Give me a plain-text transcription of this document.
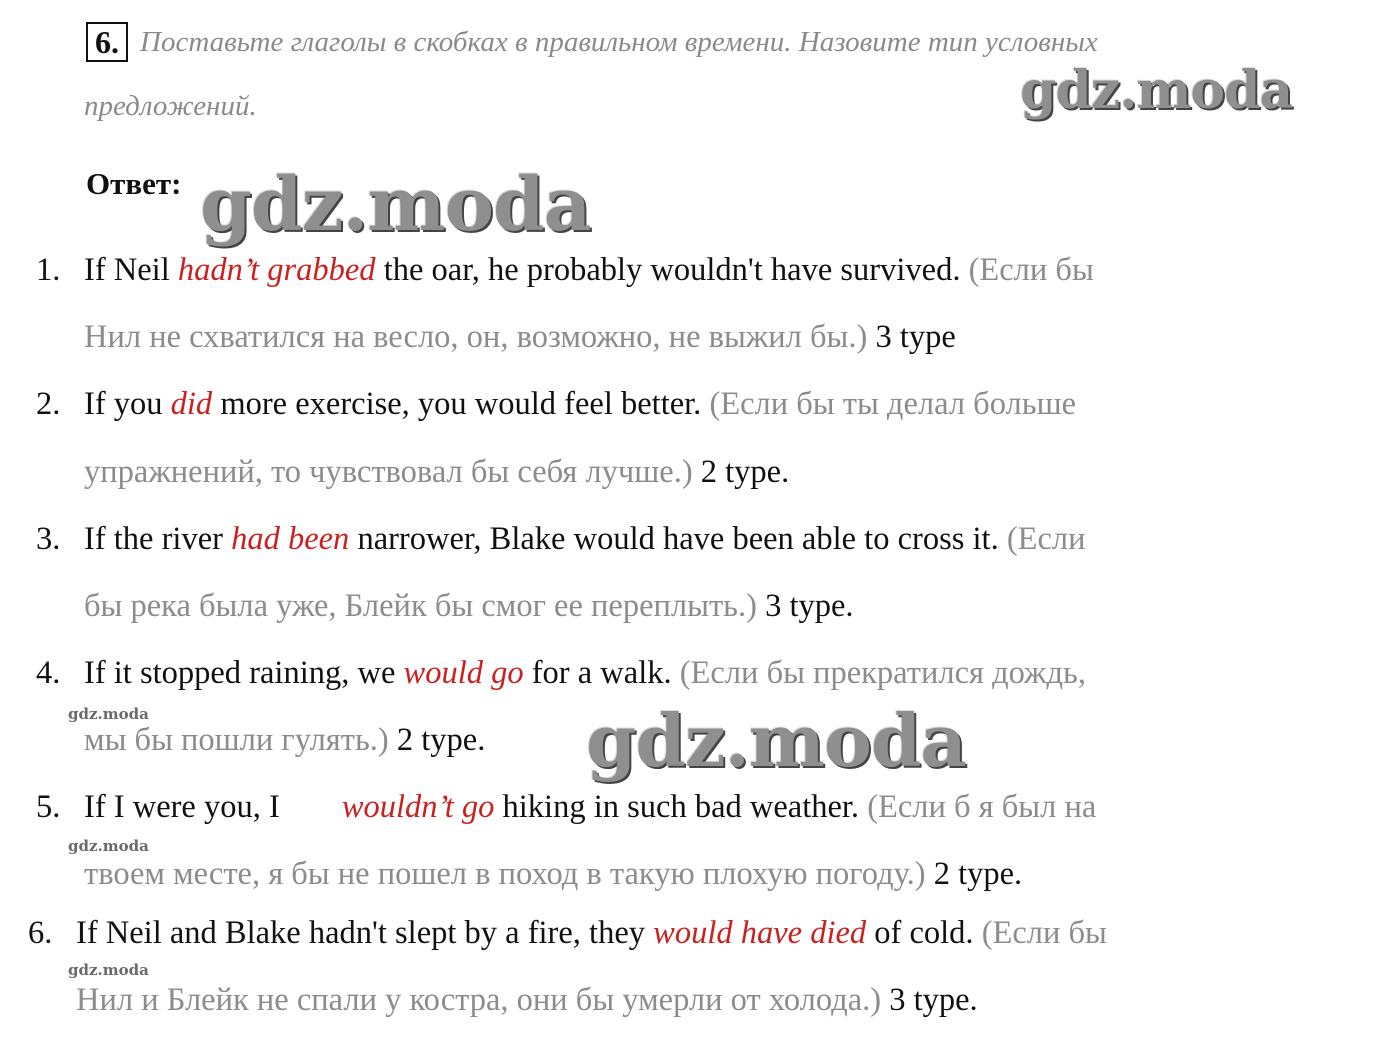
6. Поставьте глаголы в скобках в правильном времени. Назовите тип условных
предложений.	gdz.moda
Ответ: gdz.moda
gdz.moda
gdz.moda
gdz.moda
gdz.moda
1. If Neil hadn’t grabbed the oar, he probably wouldn't have survived. (Если бы
Нил не схватился на весло, он, возможно, не выжил бы.) 3 type
2. If you did more exercise, you would feel better. (Если бы ты делал больше
упражнений, то чувствовал бы себя лучше.) 2 type.
3. If the river had been narrower, Blake would have been able to cross it. (Если
бы река была уже, Блейк бы смог ее переплыть.) 3 type.
4. If it stopped raining, we would go for a walk. (Если бы прекратился дождь,
мы бы пошли гулять.) 2 type.
5. If I were you, I wouldn’t go hiking in such bad weather. (Если б я был на
твоем месте, я бы не пошел в поход в такую плохую погоду.) 2 type.
6. If Neil and Blake hadn't slept by a fire, they would have died of cold. (Если бы
Нил и Блейк не спали у костра, они бы умерли от холода.) 3 type.
